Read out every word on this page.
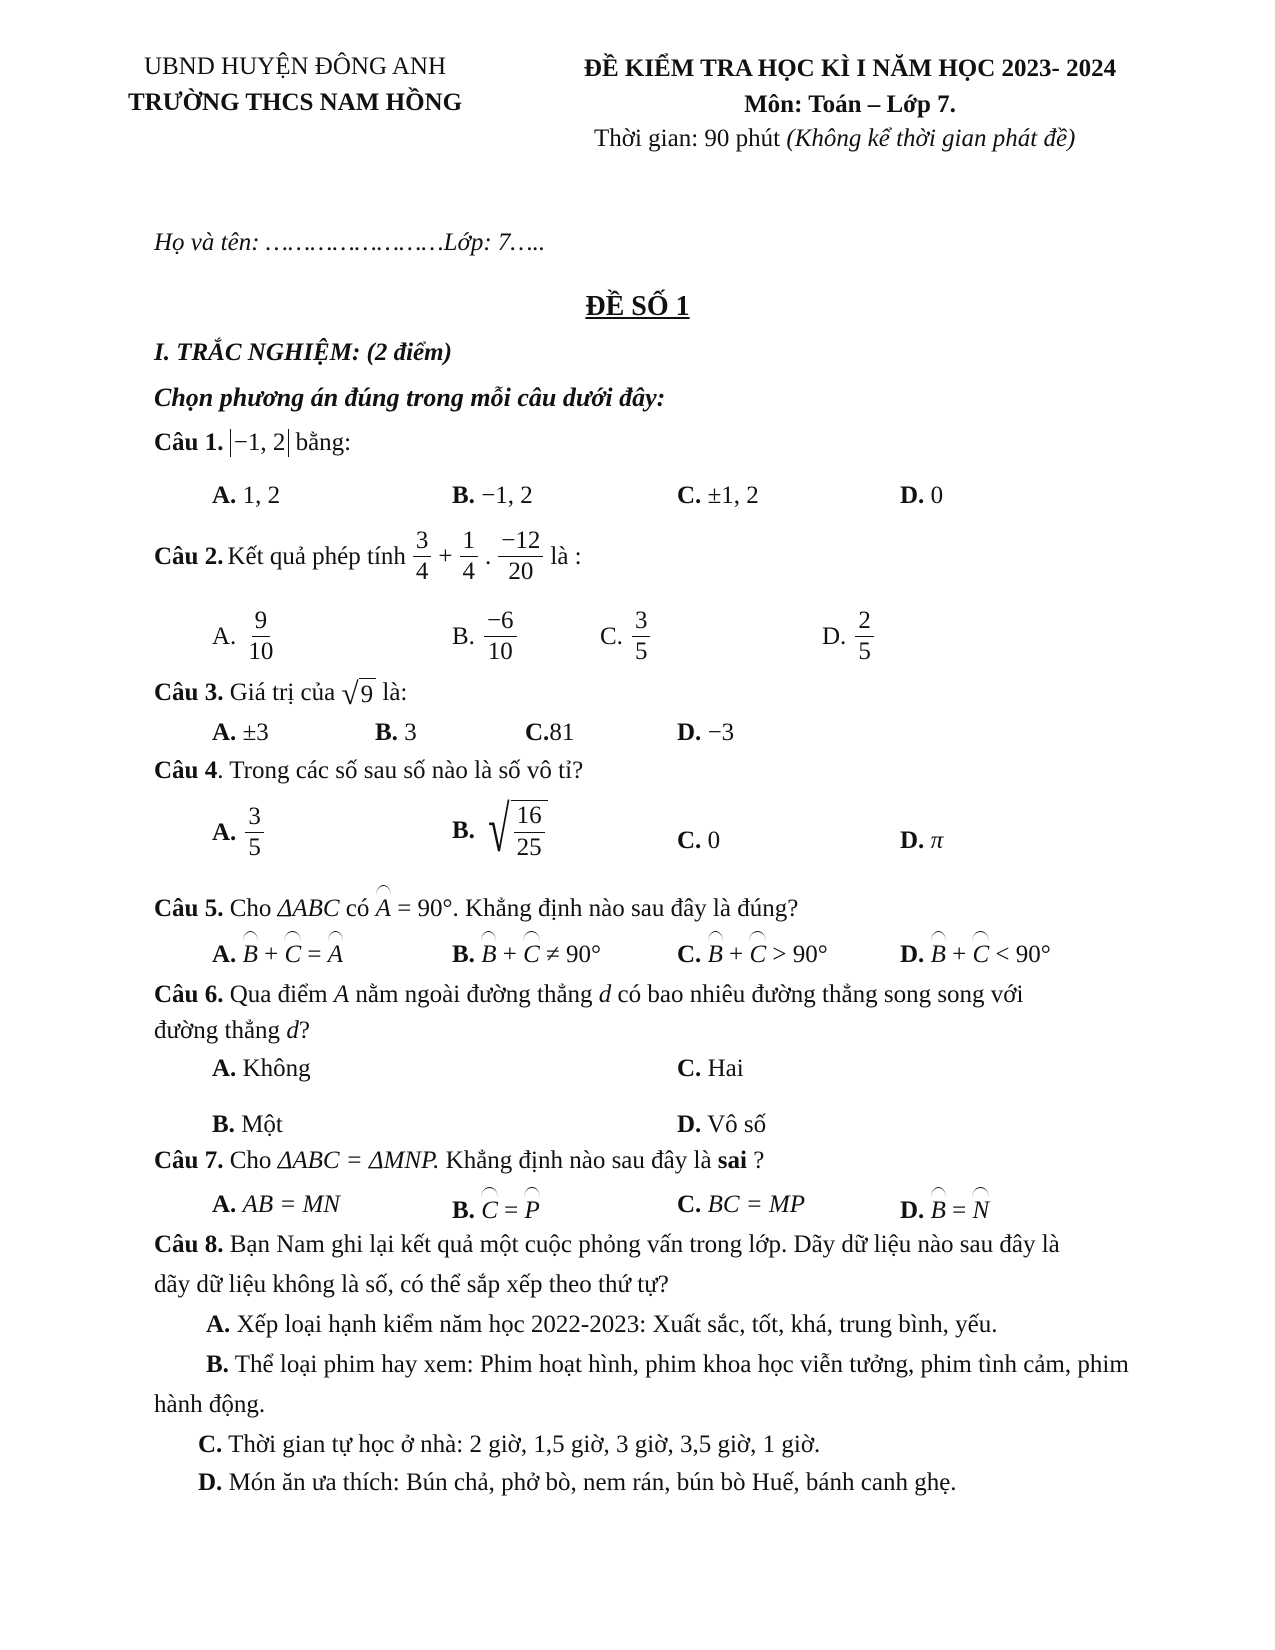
UBND HUYỆN ĐÔNG ANH
TRƯỜNG THCS NAM HỒNG
ĐỀ KIỂM TRA HỌC KÌ I NĂM HỌC 2023- 2024
Môn: Toán – Lớp 7.
Thời gian: 90 phút (Không kể thời gian phát đề)
Họ và tên: ……………………Lớp: 7…..
ĐỀ SỐ 1
I. TRẮC NGHIỆM: (2 điểm)
Chọn phương án đúng trong mỗi câu dưới đây:
Câu 1. −1, 2 bằng:
A. 1, 2	B. −1, 2	C. ±1, 2	D. 0
Câu 2. Kết quả phép tính $\frac{3}{4} + \frac{1}{4}$ . $\frac{-12}{20}$ là :
A. $\frac{9}{10}$	B. $\frac{-6}{10}$	C. $\frac{3}{5}$	D. $\frac{2}{5}$
Câu 3. Giá trị của √ 9 là:
A. ±3	B. 3	C.81	D. −3
Câu 4. Trong các số sau số nào là số vô tỉ?
A. $\frac{3}{5}$	B. √ $\frac{16}{25}$	C. 0	D. π
Câu 5. Cho ΔABC có A = 90°. Khẳng định nào sau đây là đúng?
A. B + C = A	B. B + C ≠ 90°	C. B + C > 90°	D. B + C < 90°
Câu 6. Qua điểm A nằm ngoài đường thẳng d có bao nhiêu đường thẳng song song với
đường thẳng d?
A. Không	C. Hai
B. Một	D. Vô số
Câu 7. Cho ΔABC = ΔMNP. Khẳng định nào sau đây là sai ?
A. AB = MN	B. C = P	C. BC = MP	D. B = N
Câu 8. Bạn Nam ghi lại kết quả một cuộc phỏng vấn trong lớp. Dãy dữ liệu nào sau đây là
dãy dữ liệu không là số, có thể sắp xếp theo thứ tự?
A. Xếp loại hạnh kiểm năm học 2022-2023: Xuất sắc, tốt, khá, trung bình, yếu.
B. Thể loại phim hay xem: Phim hoạt hình, phim khoa học viễn tưởng, phim tình cảm, phim
hành động.
C. Thời gian tự học ở nhà: 2 giờ, 1,5 giờ, 3 giờ, 3,5 giờ, 1 giờ.
D. Món ăn ưa thích: Bún chả, phở bò, nem rán, bún bò Huế, bánh canh ghẹ.
